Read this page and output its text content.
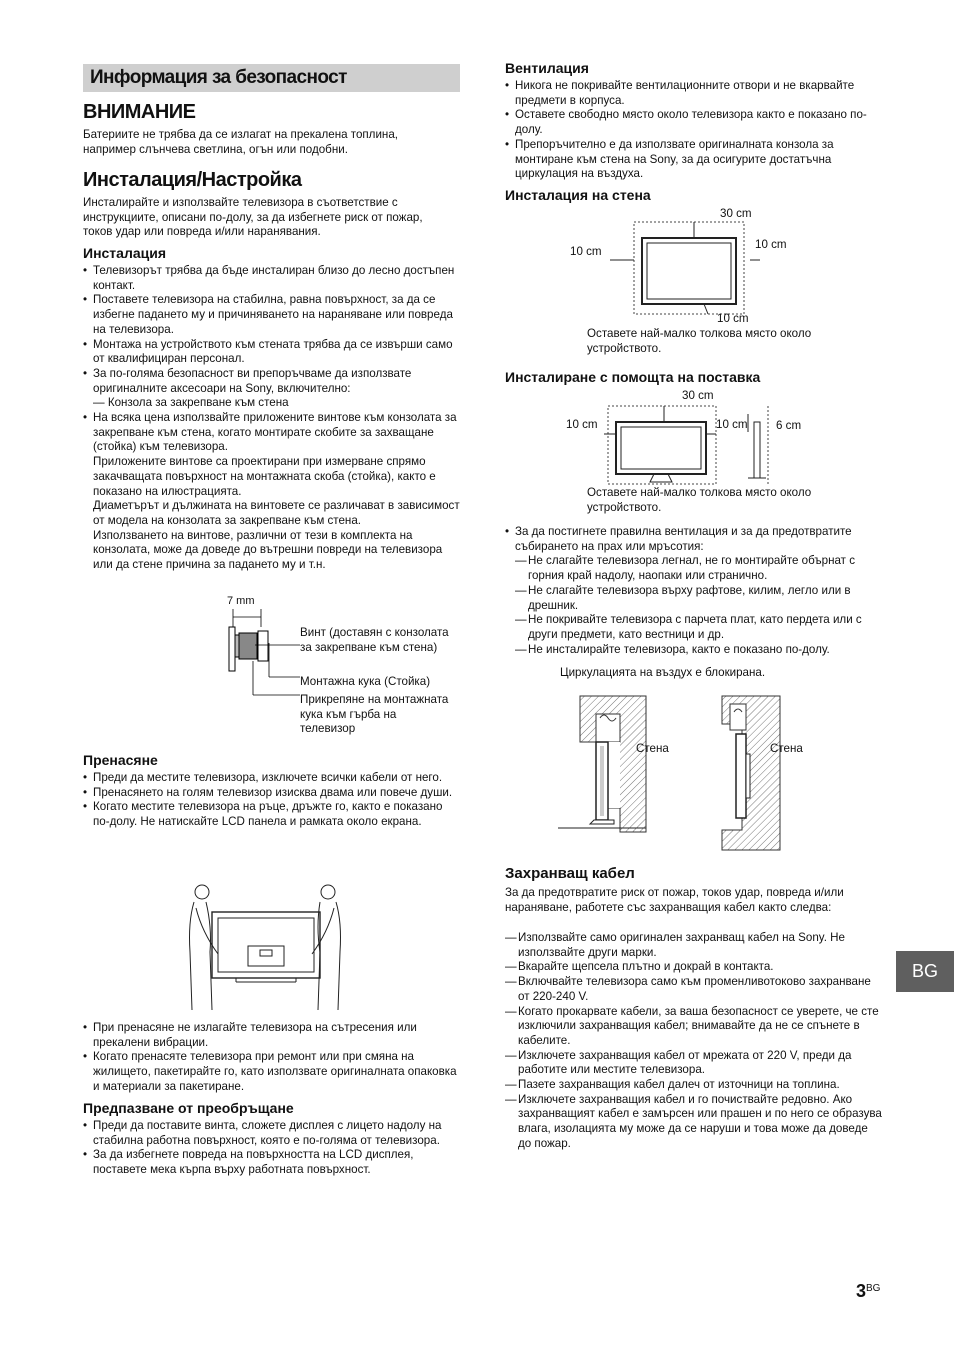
Информация за безопасност
ВНИМАНИЕ
Батериите не трябва да се излагат на прекалена топлина, например слънчева светлина, огън или подобни.
Инсталация/Настройка
Инсталирайте и използвайте телевизора в съответствие с инструкциите, описани по-долу, за да избегнете риск от пожар, токов удар или повреда и/или наранявания.
Инсталация
• Телевизорът трябва да бъде инсталиран близо до лесно достъпен контакт.
• Поставете телевизора на стабилна, равна повърхност, за да се избегне падането му и причиняването на нараняване или повреда на телевизора.
• Монтажа на устройството към стената трябва да се извърши само от квалифициран персонал.
• За по-голяма безопасност ви препоръчваме да използвате оригиналните аксесоари на Sony, включително:
— Конзола за закрепване към стена
• На всяка цена използвайте приложените винтове към конзолата за закрепване към стена, когато монтирате скобите за захващане (стойка) към телевизора.
Приложените винтове са проектирани при измерване спрямо закачващата повърхност на монтажната скоба (стойка), както е показано на илюстрацията.
Диаметърът и дължината на винтовете се различават в зависимост от модела на конзолата за закрепване към стена.
Използването на винтове, различни от тези в комплекта на конзолата, може да доведе до вътрешни повреди на телевизора или да стене причина за падането му и т.н.
7 mm
Винт (доставян с конзолата за закрепване към стена)
Монтажна кука (Стойка)
Прикрепяне на монтажната кука към гърба на телевизор
Пренасяне
• Преди да местите телевизора, изключете всички кабели от него.
• Пренасянето на голям телевизор изисква двама или повече души.
• Когато местите телевизора на ръце, дръжте го, както е показано по-долу. Не натискайте LCD панела и рамката около екрана.
• При пренасяне не излагайте телевизора на сътресения или прекалени вибрации.
• Когато пренасяте телевизора при ремонт или при смяна на жилището, пакетирайте го, като използвате оригиналната опаковка и материали за пакетиране.
Предпазване от преобръщане
• Преди да поставите винта, сложете дисплея с лицето надолу на стабилна работна повърхност, която е по-голяма от телевизора.
• За да избегнете повреда на повърхността на LCD дисплея, поставете мека кърпа върху работната повърхност.
Вентилация
• Никога не покривайте вентилационните отвори и не вкарвайте предмети в корпуса.
• Оставете свободно място около телевизора както е показано по-долу.
• Препоръчително е да използвате оригиналната конзола за монтиране към стена на Sony, за да осигурите достатъчна циркулация на въздуха.
Инсталация на стена
30 cm
10 cm
10 cm
10 cm
Оставете най-малко толкова място около устройството.
Инсталиране с помощта на поставка
30 cm
10 cm	10 cm 6 cm
Оставете най-малко толкова място около устройството.
• За да постигнете правилна вентилация и за да предотвратите събирането на прах или мръсотия:
— Не слагайте телевизора легнал, не го монтирайте обърнат с горния край надолу, наопаки или странично.
— Не слагайте телевизора върху рафтове, килим, легло или в дрешник.
— Не покривайте телевизора с парчета плат, като пердета или с други предмети, като вестници и др.
— Не инсталирайте телевизора, както е показано по-долу.
Циркулацията на въздух е блокирана.
Стена	Стена
Захранващ кабел
За да предотвратите риск от пожар, токов удар, повреда и/или нараняване, работете със захранващия кабел както следва:
— Използвайте само оригинален захранващ кабел на Sony. Не използвайте други марки.
— Вкарайте щепсела плътно и докрай в контакта.
— Включвайте телевизора само към променливотоково захранване от 220-240 V.
— Когато прокарвате кабели, за ваша безопасност се уверете, че сте изключили захранващия кабел; внимавайте да не се спънете в кабелите.
— Изключете захранващия кабел от мрежата от 220 V, преди да работите или местите телевизора.
— Пазете захранващия кабел далеч от източници на топлина.
— Изключете захранващия кабел и го почиствайте редовно. Ако захранващият кабел е замърсен или прашен и по него се образува влага, изолацията му може да се наруши и това може да доведе до пожар.
BG
$3^{BG}$
